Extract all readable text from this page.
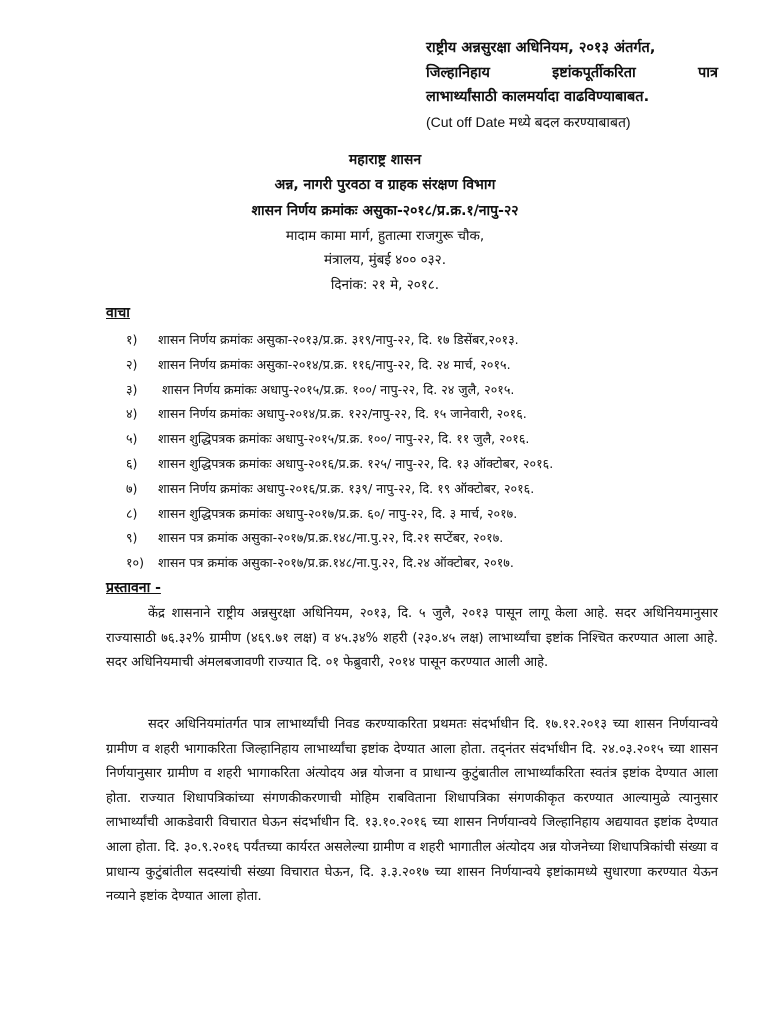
राष्ट्रीय अन्नसुरक्षा अधिनियम, २०१३ अंतर्गत,
जिल्हानिहाय इष्टांकपूर्तीकरिता पात्र
लाभार्थ्यांसाठी कालमर्यादा वाढविण्याबाबत.
(Cut off Date मध्ये बदल करण्याबाबत)
महाराष्ट्र शासन
अन्न, नागरी पुरवठा व ग्राहक संरक्षण विभाग
शासन निर्णय क्रमांकः असुका-२०१८/प्र.क्र.१/नापु-२२
मादाम कामा मार्ग, हुतात्मा राजगुरू चौक,
मंत्रालय, मुंबई ४०० ०३२.
दिनांक: २१ मे, २०१८.
वाचा
१) शासन निर्णय क्रमांकः असुका-२०१३/प्र.क्र. ३१९/नापु-२२, दि. १७ डिसेंबर,२०१३.
२) शासन निर्णय क्रमांकः असुका-२०१४/प्र.क्र. ११६/नापु-२२, दि. २४ मार्च, २०१५.
३) शासन निर्णय क्रमांकः अधापु-२०१५/प्र.क्र. १००/ नापु-२२, दि. २४ जुलै, २०१५.
४) शासन निर्णय क्रमांकः अधापु-२०१४/प्र.क्र. १२२/नापु-२२, दि. १५ जानेवारी, २०१६.
५) शासन शुद्धिपत्रक क्रमांकः अधापु-२०१५/प्र.क्र. १००/ नापु-२२, दि. ११ जुलै, २०१६.
६) शासन शुद्धिपत्रक क्रमांकः अधापु-२०१६/प्र.क्र. १२५/ नापु-२२, दि. १३ ऑक्टोबर, २०१६.
७) शासन निर्णय क्रमांकः अधापु-२०१६/प्र.क्र. १३९/ नापु-२२, दि. १९ ऑक्टोबर, २०१६.
८) शासन शुद्धिपत्रक क्रमांकः अधापु-२०१७/प्र.क्र. ६०/ नापु-२२, दि. ३ मार्च, २०१७.
९) शासन पत्र क्रमांक असुका-२०१७/प्र.क्र.१४८/ना.पु.२२, दि.२१ सप्टेंबर, २०१७.
१०) शासन पत्र क्रमांक असुका-२०१७/प्र.क्र.१४८/ना.पु.२२, दि.२४ ऑक्टोबर, २०१७.
प्रस्तावना -
केंद्र शासनाने राष्ट्रीय अन्नसुरक्षा अधिनियम, २०१३, दि. ५ जुलै, २०१३ पासून लागू केला आहे. सदर अधिनियमानुसार राज्यासाठी ७६.३२% ग्रामीण (४६९.७१ लक्ष) व ४५.३४% शहरी (२३०.४५ लक्ष) लाभार्थ्यांचा इष्टांक निश्चित करण्यात आला आहे. सदर अधिनियमाची अंमलबजावणी राज्यात दि. ०१ फेब्रुवारी, २०१४ पासून करण्यात आली आहे.
सदर अधिनियमांतर्गत पात्र लाभार्थ्यांची निवड करण्याकरिता प्रथमतः संदर्भाधीन दि. १७.१२.२०१३ च्या शासन निर्णयान्वये ग्रामीण व शहरी भागाकरिता जिल्हानिहाय लाभार्थ्यांचा इष्टांक देण्यात आला होता. तद्नंतर संदर्भाधीन दि. २४.०३.२०१५ च्या शासन निर्णयानुसार ग्रामीण व शहरी भागाकरिता अंत्योदय अन्न योजना व प्राधान्य कुटुंबातील लाभार्थ्यांकरिता स्वतंत्र इष्टांक देण्यात आला होता. राज्यात शिधापत्रिकांच्या संगणकीकरणाची मोहिम राबविताना शिधापत्रिका संगणकीकृत करण्यात आल्यामुळे त्यानुसार लाभार्थ्यांची आकडेवारी विचारात घेऊन संदर्भाधीन दि. १३.१०.२०१६ च्या शासन निर्णयान्वये जिल्हानिहाय अद्ययावत इष्टांक देण्यात आला होता. दि. ३०.९.२०१६ पर्यंतच्या कार्यरत असलेल्या ग्रामीण व शहरी भागातील अंत्योदय अन्न योजनेच्या शिधापत्रिकांची संख्या व प्राधान्य कुटुंबांतील सदस्यांची संख्या विचारात घेऊन, दि. ३.३.२०१७ च्या शासन निर्णयान्वये इष्टांकामध्ये सुधारणा करण्यात येऊन नव्याने इष्टांक देण्यात आला होता.
